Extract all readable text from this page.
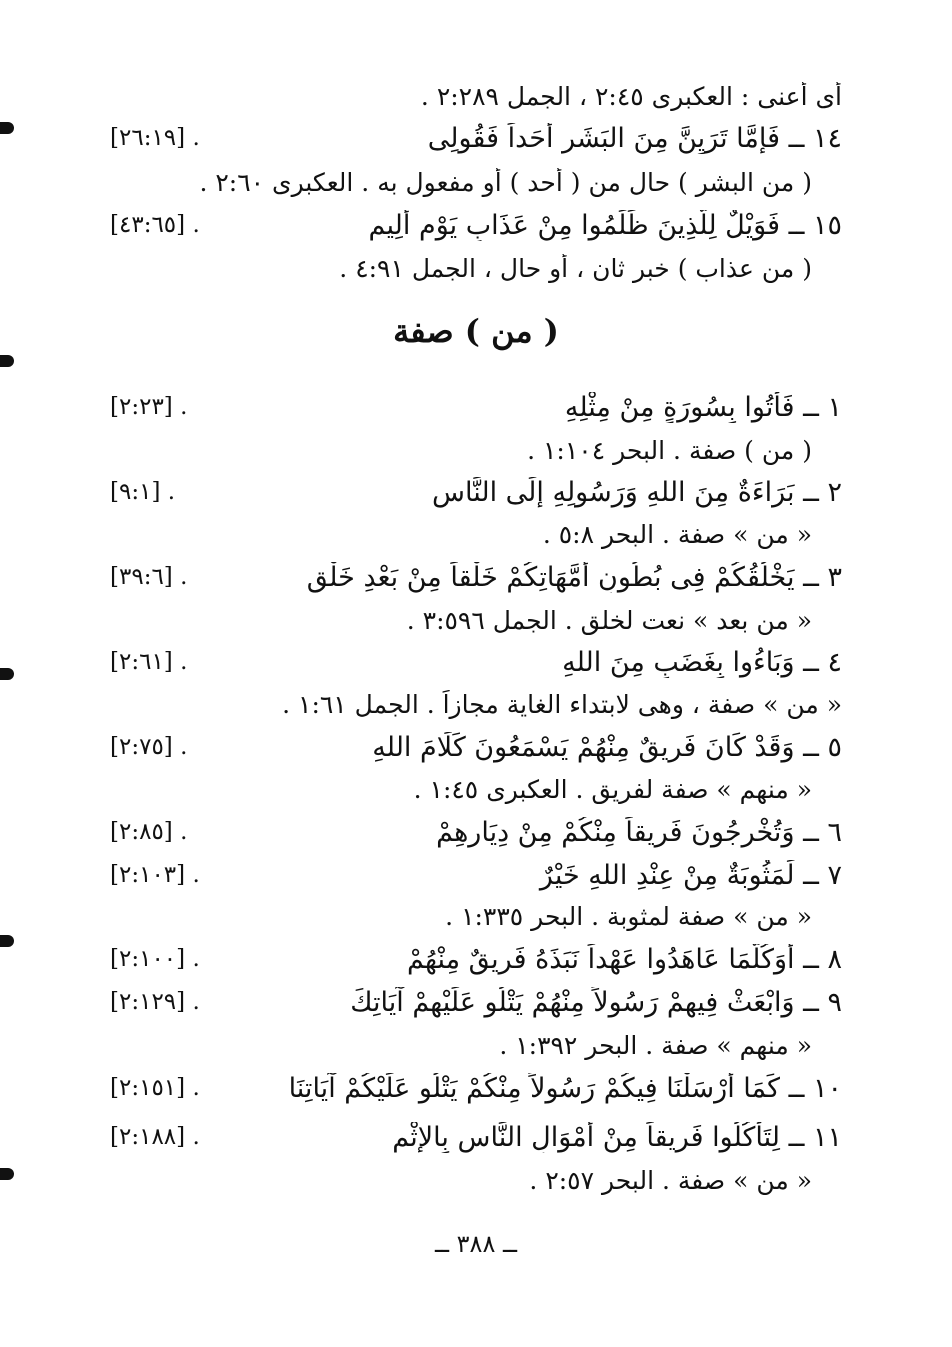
أى أعنى : العكبرى ٢:٤٥ ، الجمل ٢:٢٨٩ .
١٤ ــ فَإِمَّا تَرَيِنَّ مِنَ البَشَرِ أَحَداً فَقُولِى
[٢٦:١٩] .
( من البشر ) حال من ( أحد ) أو مفعول به . العكبرى ٢:٦٠ .
١٥ ــ فَوَيْلٌ لِلَّذِينَ ظَلَمُوا مِنْ عَذَابِ يَوْمٍ أَلِيمٍ
[٤٣:٦٥] .
( من عذاب ) خبر ثان ، أو حال ، الجمل ٤:٩١ .
( من ) صفة
١ ــ فَأْتُوا بِسُورَةٍ مِنْ مِثْلِهِ
[٢:٢٣] .
( من ) صفة . البحر ١:١٠٤ .
٢ ــ بَرَاءَةٌ مِنَ اللهِ وَرَسُولِهِ إِلَى النَّاسِ
[٩:١] .
« من » صفة . البحر ٥:٨ .
٣ ــ يَخْلُقُكُمْ فِى بُطُونِ أُمَّهَاتِكُمْ خَلْقاً مِنْ بَعْدِ خَلْقٍ
[٣٩:٦] .
« من بعد » نعت لخلق . الجمل ٣:٥٩٦ .
٤ ــ وَبَاءُوا بِغَضَبٍ مِنَ اللهِ
[٢:٦١] .
« من » صفة ، وهى لابتداء الغاية مجازاً . الجمل ١:٦١ .
٥ ــ وَقَدْ كَانَ فَرِيقٌ مِنْهُمْ يَسْمَعُونَ كَلَامَ اللهِ
[٢:٧٥] .
« منهم » صفة لفريق . العكبرى ١:٤٥ .
٦ ــ وَتُخْرِجُونَ فَرِيقاً مِنْكُمْ مِنْ دِيَارِهِمْ
[٢:٨٥] .
٧ ــ لَمَثُوبَةٌ مِنْ عِنْدِ اللهِ خَيْرٌ
[٢:١٠٣] .
« من » صفة لمثوبة . البحر ١:٣٣٥ .
٨ ــ أَوَكُلَّمَا عَاهَدُوا عَهْداً نَبَذَهُ فَرِيقٌ مِنْهُمْ
[٢:١٠٠] .
٩ ــ وَابْعَثْ فِيهِمْ رَسُولاً مِنْهُمْ يَتْلُو عَلَيْهِمْ آيَاتِكَ
[٢:١٢٩] .
« منهم » صفة . البحر ١:٣٩٢ .
١٠ ــ كَمَا أَرْسَلْنَا فِيكُمْ رَسُولاً مِنْكُمْ يَتْلُو عَلَيْكُمْ آيَاتِنَا
[٢:١٥١] .
١١ ــ لِتَأْكُلُوا فَرِيقاً مِنْ أَمْوَالِ النَّاسِ بِالإِثْمِ
[٢:١٨٨] .
« من » صفة . البحر ٢:٥٧ .
ــ ٣٨٨ ــ
